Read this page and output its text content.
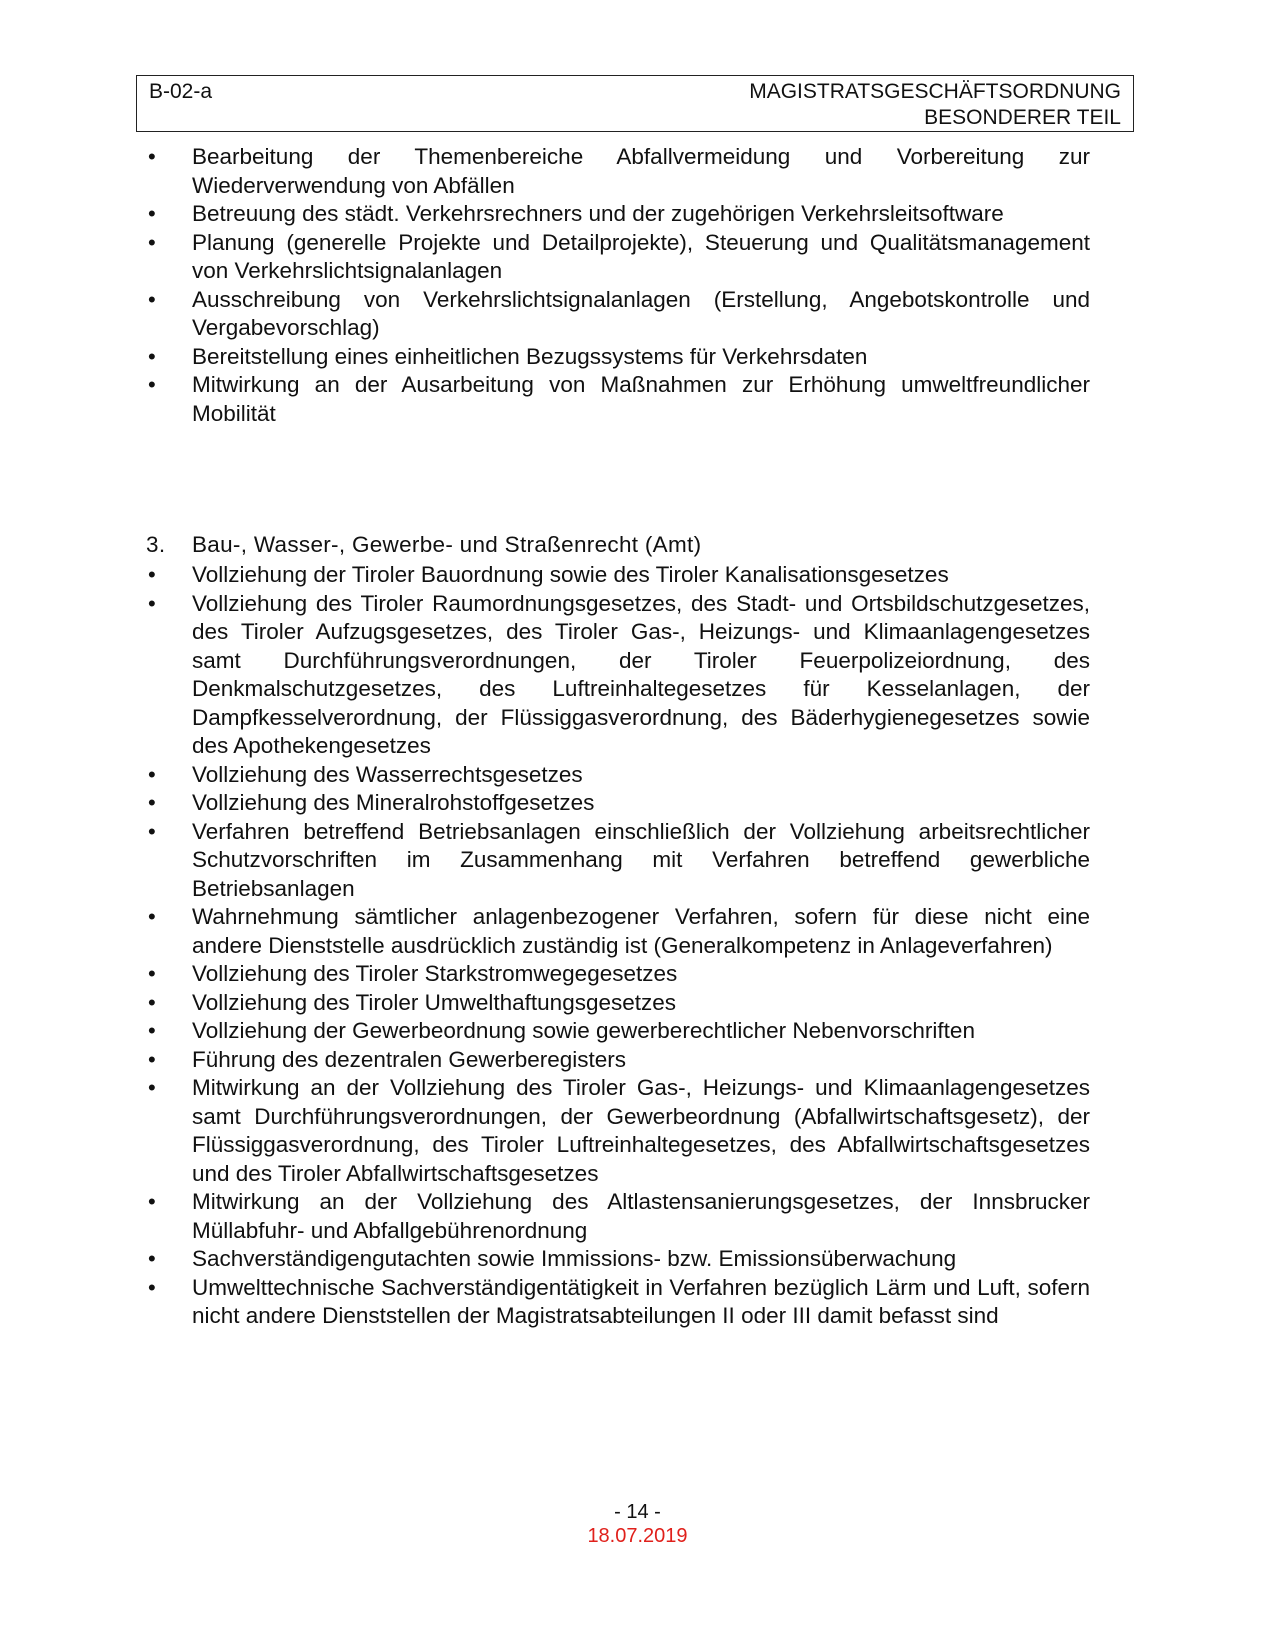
B-02-a	MAGISTRATSGESCHÄFTSORDNUNG
BESONDERER TEIL
• Bearbeitung der Themenbereiche Abfallvermeidung und Vorbereitung zur Wiederverwendung von Abfällen
• Betreuung des städt. Verkehrsrechners und der zugehörigen Verkehrsleitsoftware
• Planung (generelle Projekte und Detailprojekte), Steuerung und Qualitätsmanagement von Verkehrslichtsignalanlagen
• Ausschreibung von Verkehrslichtsignalanlagen (Erstellung, Angebotskontrolle und Vergabevorschlag)
• Bereitstellung eines einheitlichen Bezugssystems für Verkehrsdaten
• Mitwirkung an der Ausarbeitung von Maßnahmen zur Erhöhung umweltfreundlicher Mobilität
3. Bau-, Wasser-, Gewerbe- und Straßenrecht (Amt)
• Vollziehung der Tiroler Bauordnung sowie des Tiroler Kanalisationsgesetzes
• Vollziehung des Tiroler Raumordnungsgesetzes, des Stadt- und Ortsbildschutzgesetzes, des Tiroler Aufzugsgesetzes, des Tiroler Gas-, Heizungs- und Klimaanlagengesetzes samt Durchführungsverordnungen, der Tiroler Feuerpolizeiordnung, des Denkmalschutzgesetzes, des Luftreinhaltegesetzes für Kesselanlagen, der Dampfkesselverordnung, der Flüssiggasverordnung, des Bäderhygienegesetzes sowie des Apothekengesetzes
• Vollziehung des Wasserrechtsgesetzes
• Vollziehung des Mineralrohstoffgesetzes
• Verfahren betreffend Betriebsanlagen einschließlich der Vollziehung arbeitsrechtlicher Schutzvorschriften im Zusammenhang mit Verfahren betreffend gewerbliche Betriebsanlagen
• Wahrnehmung sämtlicher anlagenbezogener Verfahren, sofern für diese nicht eine andere Dienststelle ausdrücklich zuständig ist (Generalkompetenz in Anlageverfahren)
• Vollziehung des Tiroler Starkstromwegegesetzes
• Vollziehung des Tiroler Umwelthaftungsgesetzes
• Vollziehung der Gewerbeordnung sowie gewerberechtlicher Nebenvorschriften
• Führung des dezentralen Gewerberegisters
• Mitwirkung an der Vollziehung des Tiroler Gas-, Heizungs- und Klimaanlagengesetzes samt Durchführungsverordnungen, der Gewerbeordnung (Abfallwirtschaftsgesetz), der Flüssiggasverordnung, des Tiroler Luftreinhaltegesetzes, des Abfallwirtschaftsgesetzes und des Tiroler Abfallwirtschaftsgesetzes
• Mitwirkung an der Vollziehung des Altlastensanierungsgesetzes, der Innsbrucker Müllabfuhr- und Abfallgebührenordnung
• Sachverständigengutachten sowie Immissions- bzw. Emissionsüberwachung
• Umwelttechnische Sachverständigentätigkeit in Verfahren bezüglich Lärm und Luft, sofern nicht andere Dienststellen der Magistratsabteilungen II oder III damit befasst sind
- 14 -
18.07.2019
